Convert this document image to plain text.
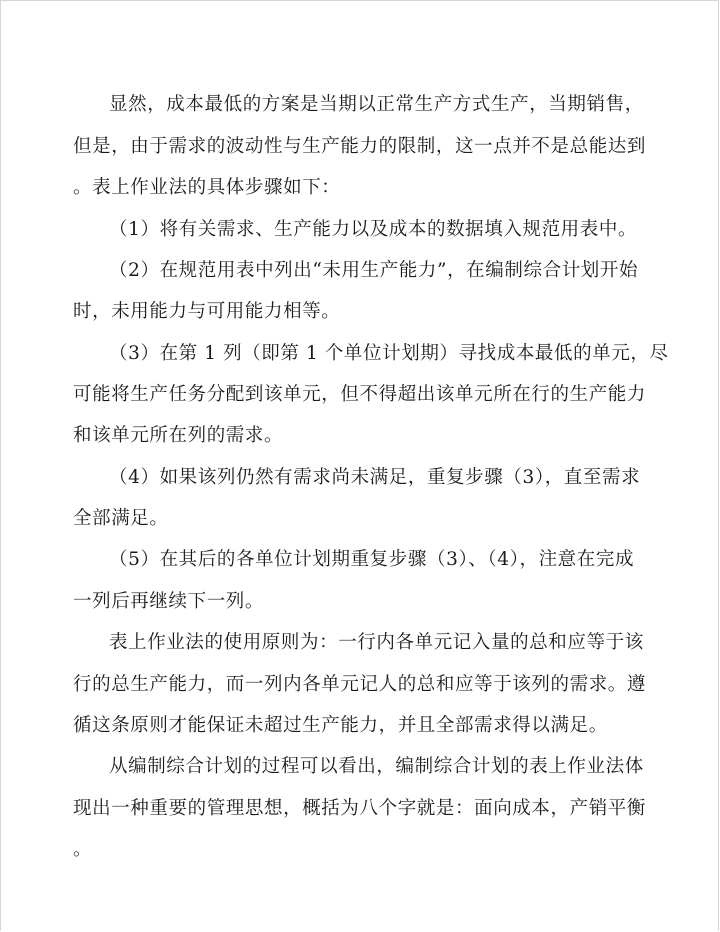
显然，成本最低的方案是当期以正常生产方式生产，当期销售，
但是，由于需求的波动性与生产能力的限制，这一点并不是总能达到
。表上作业法的具体步骤如下：
（1）将有关需求、生产能力以及成本的数据填入规范用表中。
（2）在规范用表中列出“未用生产能力”，在编制综合计划开始
时，未用能力与可用能力相等。
（3）在第 1 列（即第 1 个单位计划期）寻找成本最低的单元，尽
可能将生产任务分配到该单元，但不得超出该单元所在行的生产能力
和该单元所在列的需求。
（4）如果该列仍然有需求尚未满足，重复步骤（3），直至需求
全部满足。
（5）在其后的各单位计划期重复步骤（3）、（4），注意在完成
一列后再继续下一列。
表上作业法的使用原则为：一行内各单元记入量的总和应等于该
行的总生产能力，而一列内各单元记人的总和应等于该列的需求。遵
循这条原则才能保证未超过生产能力，并且全部需求得以满足。
从编制综合计划的过程可以看出，编制综合计划的表上作业法体
现出一种重要的管理思想，概括为八个字就是：面向成本，产销平衡
。
